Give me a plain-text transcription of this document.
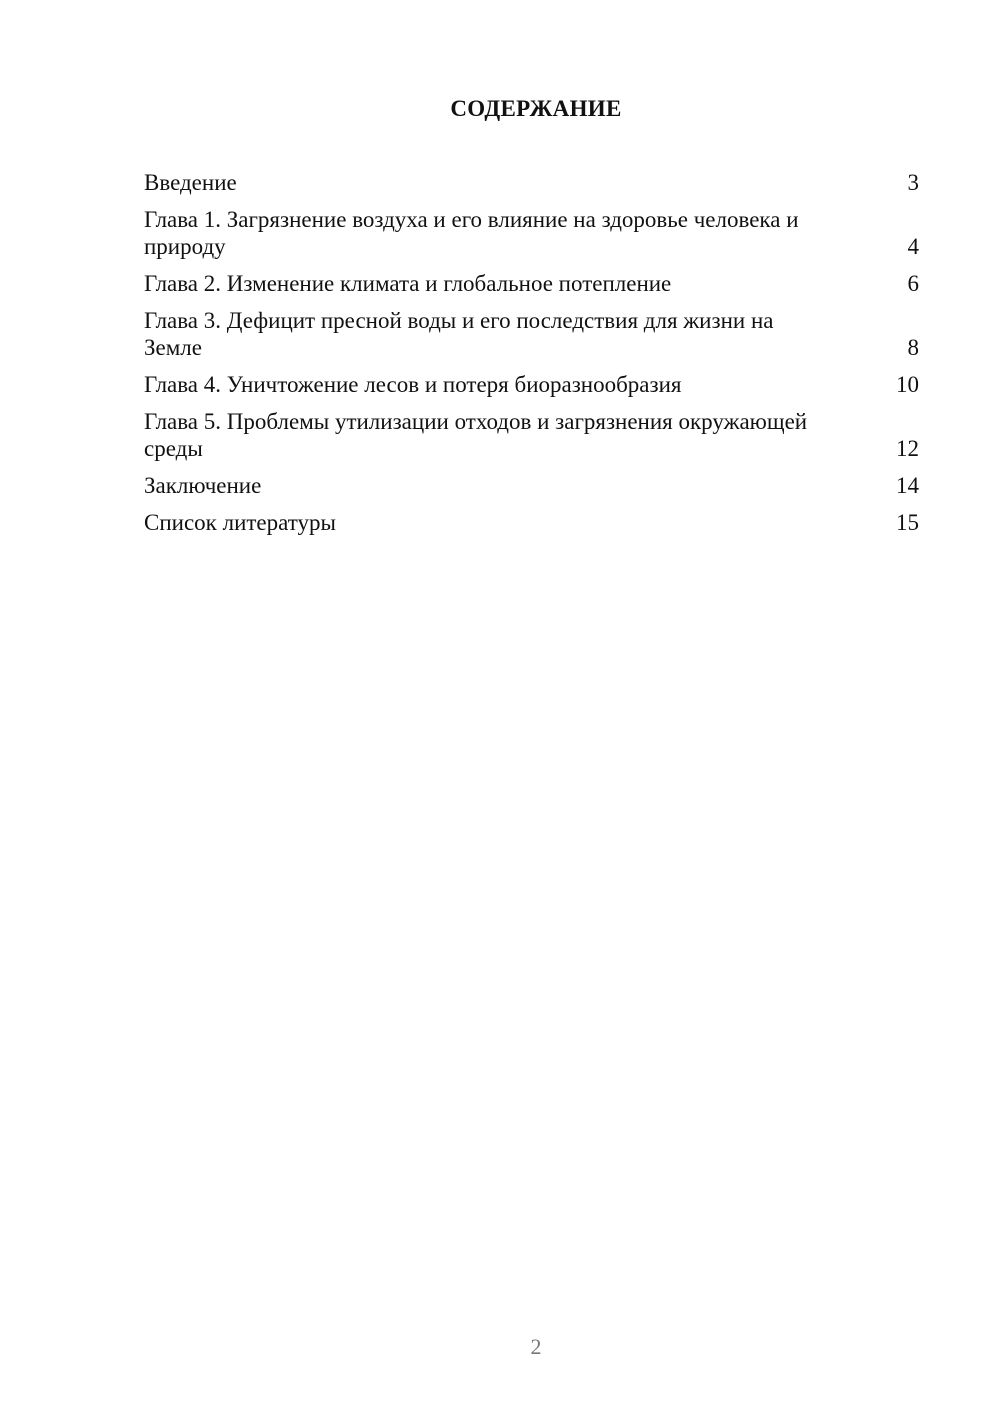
СОДЕРЖАНИЕ
Введение	3
Глава 1. Загрязнение воздуха и его влияние на здоровье человека и природу	4
Глава 2. Изменение климата и глобальное потепление	6
Глава 3. Дефицит пресной воды и его последствия для жизни на Земле	8
Глава 4. Уничтожение лесов и потеря биоразнообразия	10
Глава 5. Проблемы утилизации отходов и загрязнения окружающей среды	12
Заключение	14
Список литературы	15
2
